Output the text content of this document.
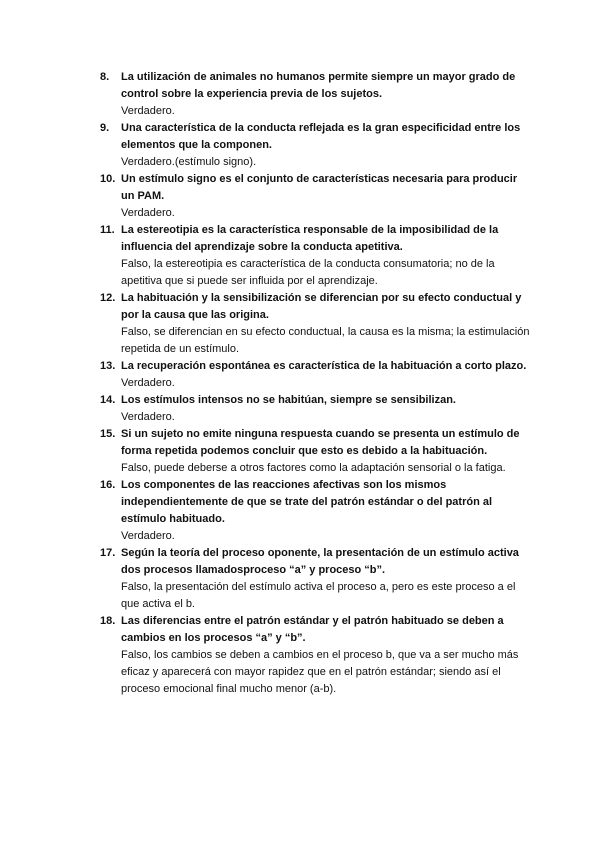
8.	La utilización de animales no humanos permite siempre un mayor grado de control sobre la experiencia previa de los sujetos.
Verdadero.
9.	Una característica de la conducta reflejada es la gran especificidad entre los elementos que la componen.
Verdadero.(estímulo signo).
10. Un estímulo signo es el conjunto de características necesaria para producir un PAM.
Verdadero.
11. La estereotipia es la característica responsable de la imposibilidad de la influencia del aprendizaje sobre la conducta apetitiva.
Falso, la estereotipia es característica de la conducta consumatoria; no de la apetitiva que si puede ser influida por el aprendizaje.
12. La habituación y la sensibilización se diferencian por su efecto conductual y por la causa que las origina.
Falso, se diferencian en su efecto conductual, la causa es la misma; la estimulación repetida de un estímulo.
13. La recuperación espontánea es característica de la habituación a corto plazo.
Verdadero.
14. Los estímulos intensos no se habitúan, siempre se sensibilizan.
Verdadero.
15. Si un sujeto no emite ninguna respuesta cuando se presenta un estímulo de forma repetida podemos concluir que esto es debido a la habituación.
Falso, puede deberse a otros factores como la adaptación sensorial o la fatiga.
16. Los componentes de las reacciones afectivas son los mismos independientemente de que se trate del patrón estándar o del patrón al estímulo habituado.
Verdadero.
17. Según la teoría del proceso oponente, la presentación de un estímulo activa dos procesos llamadosproceso “a” y proceso “b”.
Falso, la presentación del estímulo activa el proceso a, pero es este proceso a el que activa el b.
18. Las diferencias entre el patrón estándar y el patrón habituado se deben a cambios en los procesos “a” y “b”.
Falso, los cambios se deben a cambios en el proceso b, que va a ser mucho más eficaz y aparecerá con mayor rapidez que en el patrón estándar; siendo así el proceso emocional final mucho menor (a-b).
